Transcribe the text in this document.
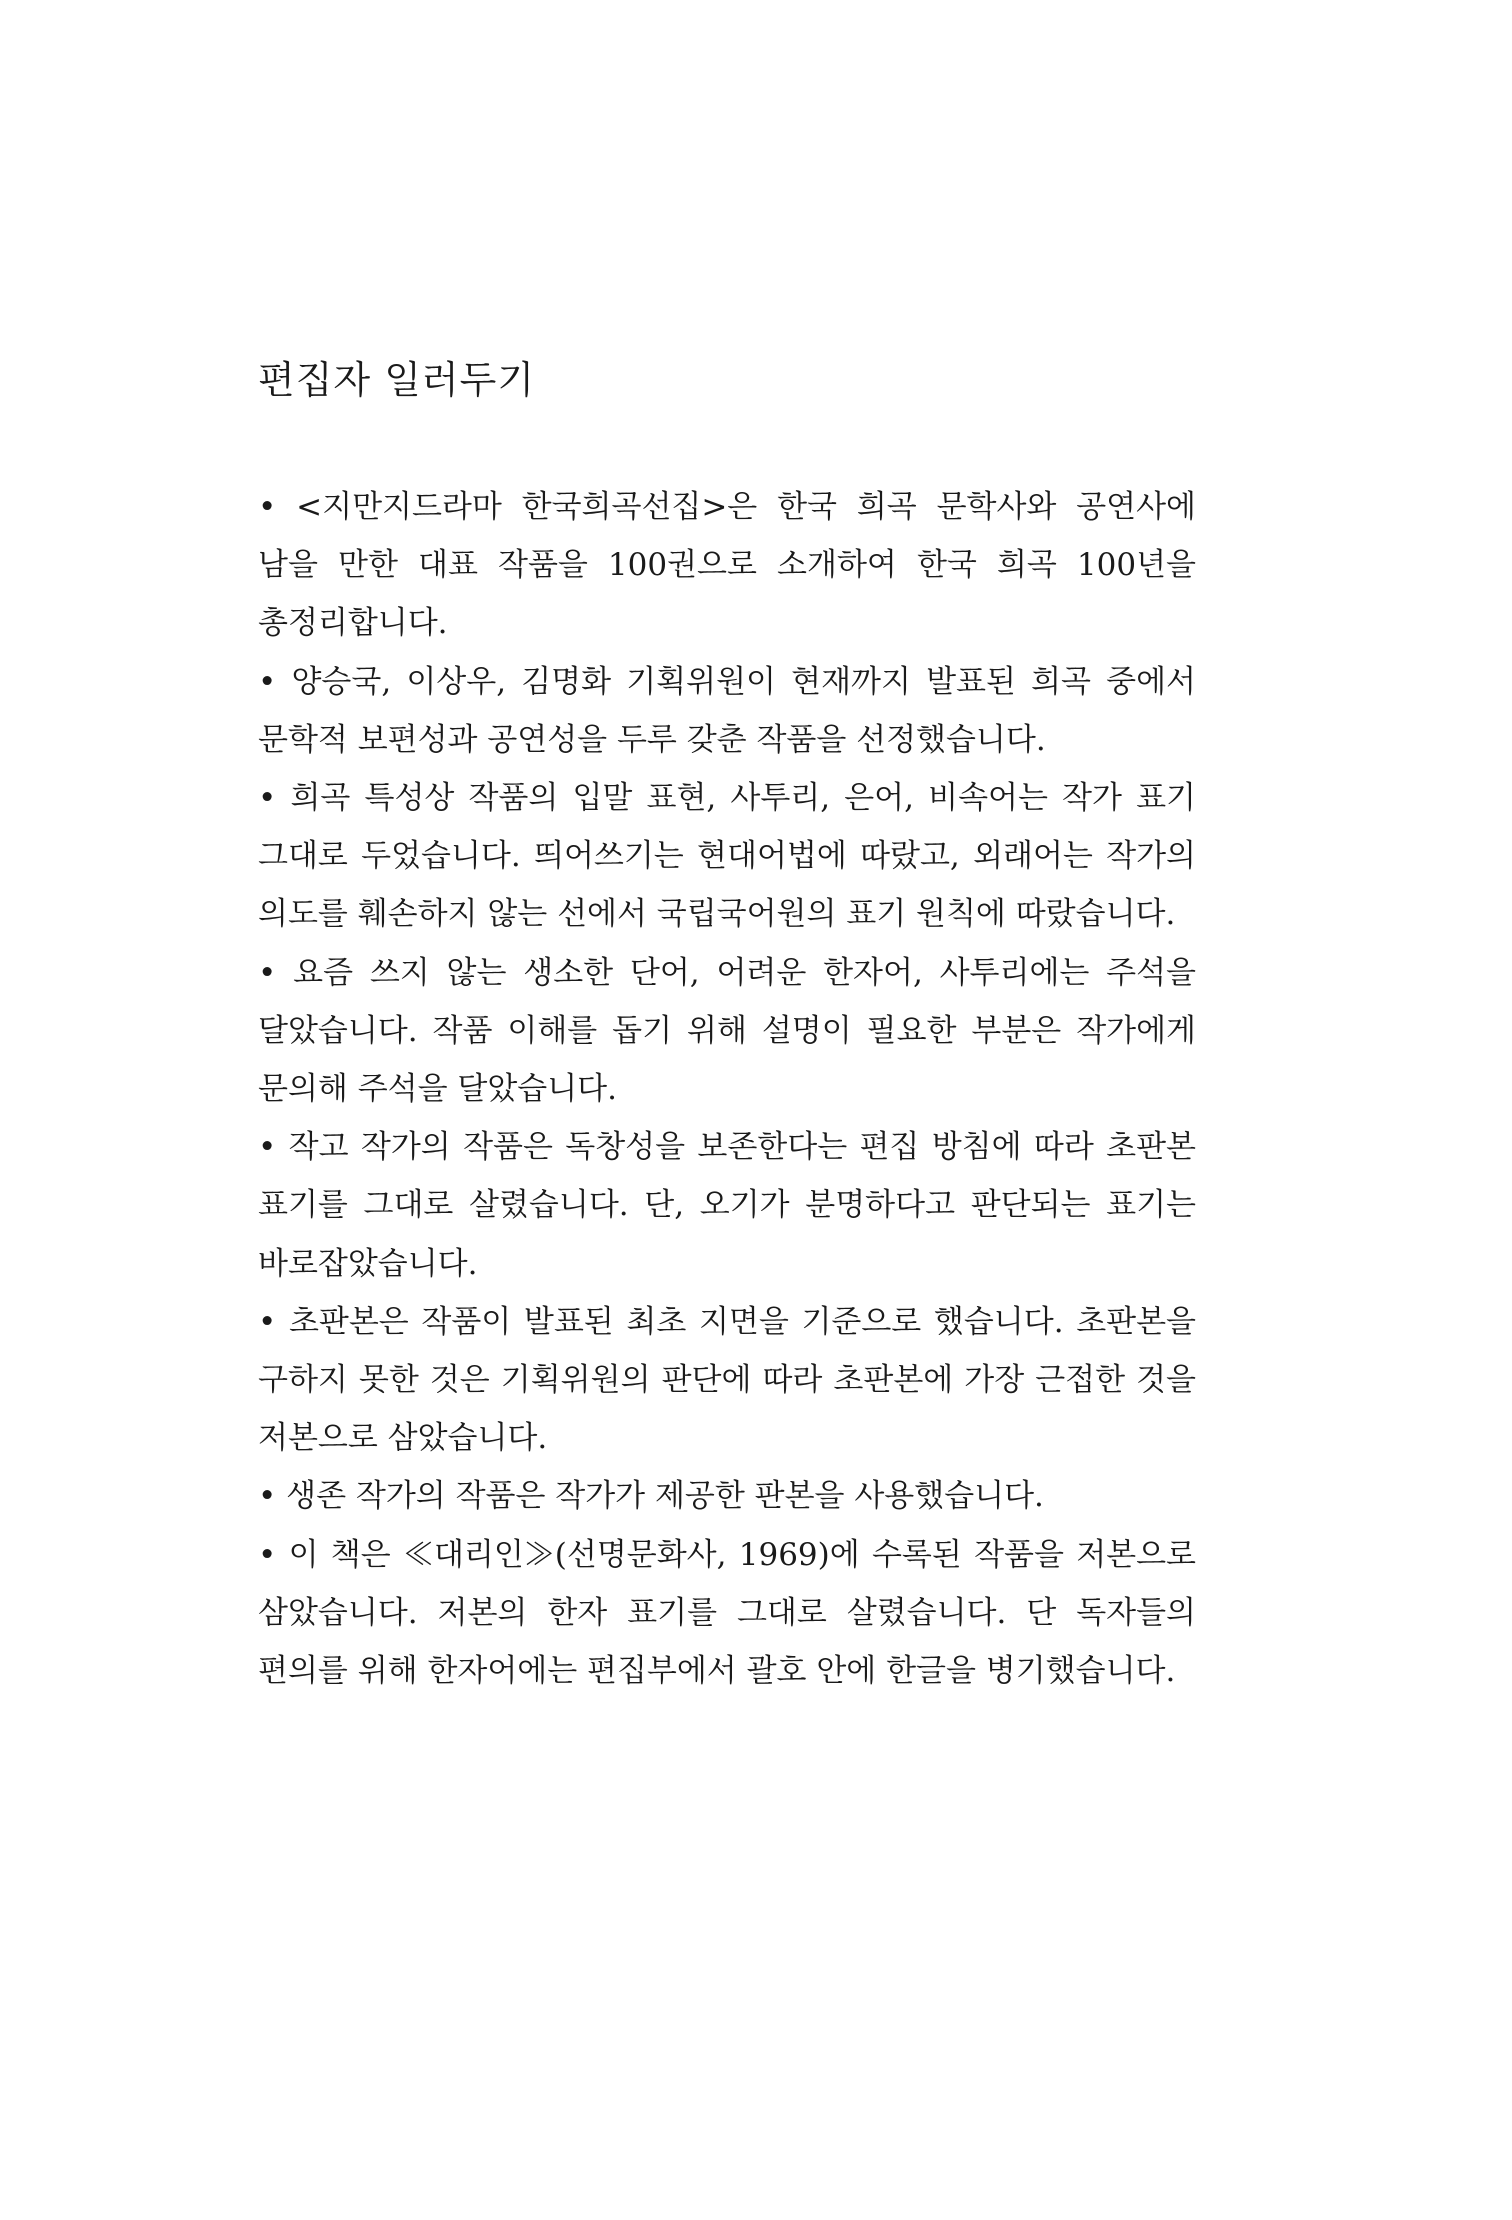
편집자 일러두기
• <지만지드라마 한국희곡선집>은 한국 희곡 문학사와 공연사에 남을 만한 대표 작품을 100권으로 소개하여 한국 희곡 100년을 총정리합니다.
• 양승국, 이상우, 김명화 기획위원이 현재까지 발표된 희곡 중에서 문학적 보편성과 공연성을 두루 갖춘 작품을 선정했습니다.
• 희곡 특성상 작품의 입말 표현, 사투리, 은어, 비속어는 작가 표기 그대로 두었습니다. 띄어쓰기는 현대어법에 따랐고, 외래어는 작가의 의도를 훼손하지 않는 선에서 국립국어원의 표기 원칙에 따랐습니다.
• 요즘 쓰지 않는 생소한 단어, 어려운 한자어, 사투리에는 주석을 달았습니다. 작품 이해를 돕기 위해 설명이 필요한 부분은 작가에게 문의해 주석을 달았습니다.
• 작고 작가의 작품은 독창성을 보존한다는 편집 방침에 따라 초판본 표기를 그대로 살렸습니다. 단, 오기가 분명하다고 판단되는 표기는 바로잡았습니다.
• 초판본은 작품이 발표된 최초 지면을 기준으로 했습니다. 초판본을 구하지 못한 것은 기획위원의 판단에 따라 초판본에 가장 근접한 것을 저본으로 삼았습니다.
• 생존 작가의 작품은 작가가 제공한 판본을 사용했습니다.
• 이 책은 ≪대리인≫(선명문화사, 1969)에 수록된 작품을 저본으로 삼았습니다. 저본의 한자 표기를 그대로 살렸습니다. 단 독자들의 편의를 위해 한자어에는 편집부에서 괄호 안에 한글을 병기했습니다.
